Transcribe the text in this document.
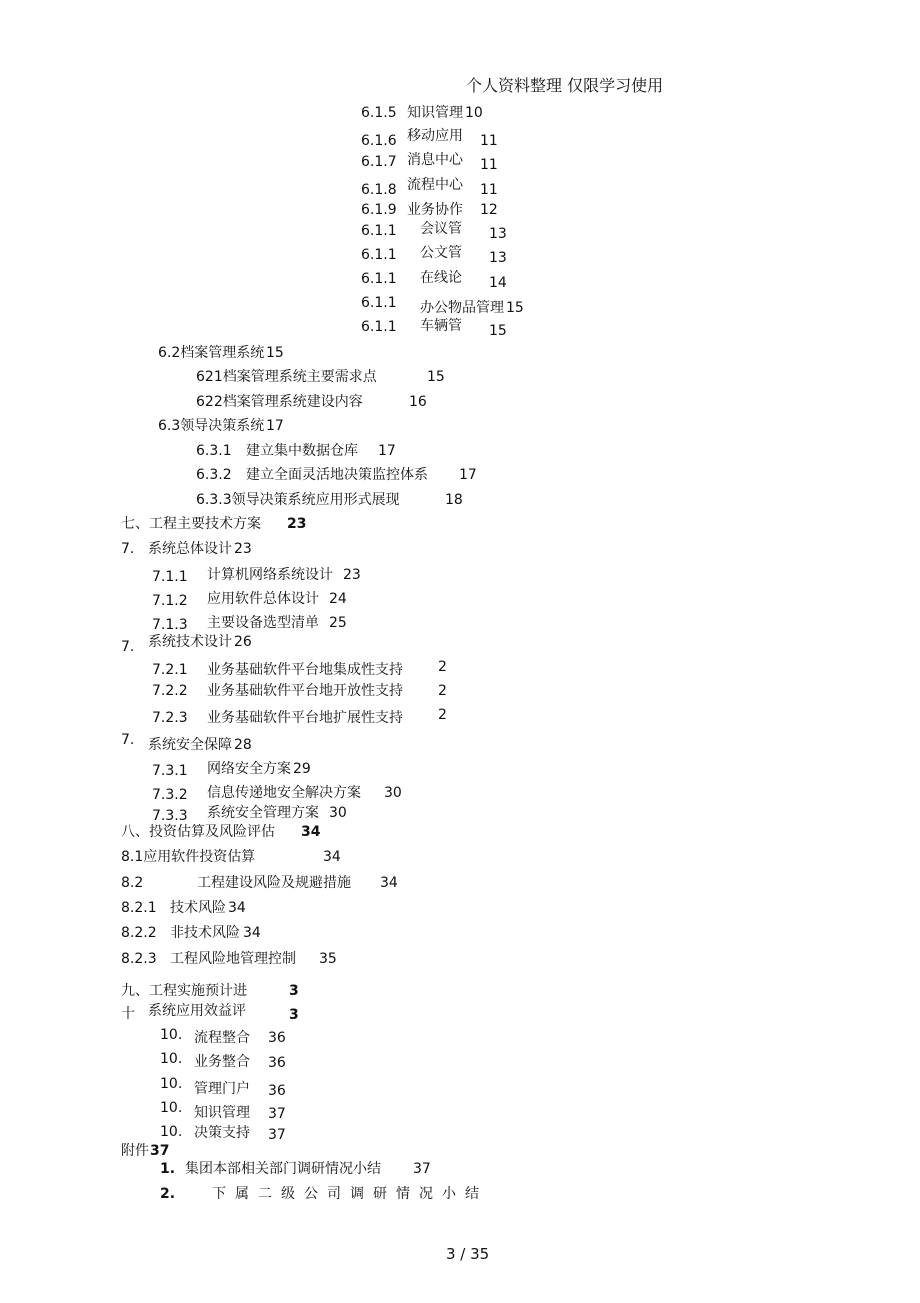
个人资料整理 仅限学习使用
6.1.5 知识管理 10
6.1.6 移动应用 11
6.1.7 消息中心 11
6.1.8 流程中心 11
6.1.9 业务协作 12
6.1.1 会议管 13
6.1.1 公文管 13
6.1.1 在线论 14
6.1.1 办公物品管理 15
6.1.1 车辆管 15
6.2档案管理系统 15
621档案管理系统主要需求点	15
622档案管理系统建设内容	16
6.3领导决策系统 17
6.3.1 建立集中数据仓库 17
6.3.2 建立全面灵活地决策监控体系 17
6.3.3领导决策系统应用形式展现	18
七、工程主要技术方案 23
7. 系统总体设计 23
7.1.1 计算机网络系统设计 23
7.1.2 应用软件总体设计 24
7.1.3 主要设备选型清单 25
7. 系统技术设计 26
7.2.1 业务基础软件平台地集成性支持	2
7.2.2 业务基础软件平台地开放性支持	2
7.2.3 业务基础软件平台地扩展性支持	2
7. 系统安全保障 28
7.3.1 网络安全方案 29
7.3.2 信息传递地安全解决方案 30
7.3.3 系统安全管理方案 30
八、投资估算及风险评估 34
8.1应用软件投资估算	34
8.2	工程建设风险及规避措施 34
8.2.1 技术风险 34
8.2.2 非技术风险 34
8.2.3 工程风险地管理控制 35
九、工程实施预计进	3
十 系统应用效益评	3
10. 流程整合 36
10. 业务整合 36
10. 管理门户 36
10. 知识管理 37
10. 决策支持 37
附件 37
1. 集团本部相关部门调研情况小结 37
2.	下属二级公司调研情况小结
3 / 35
